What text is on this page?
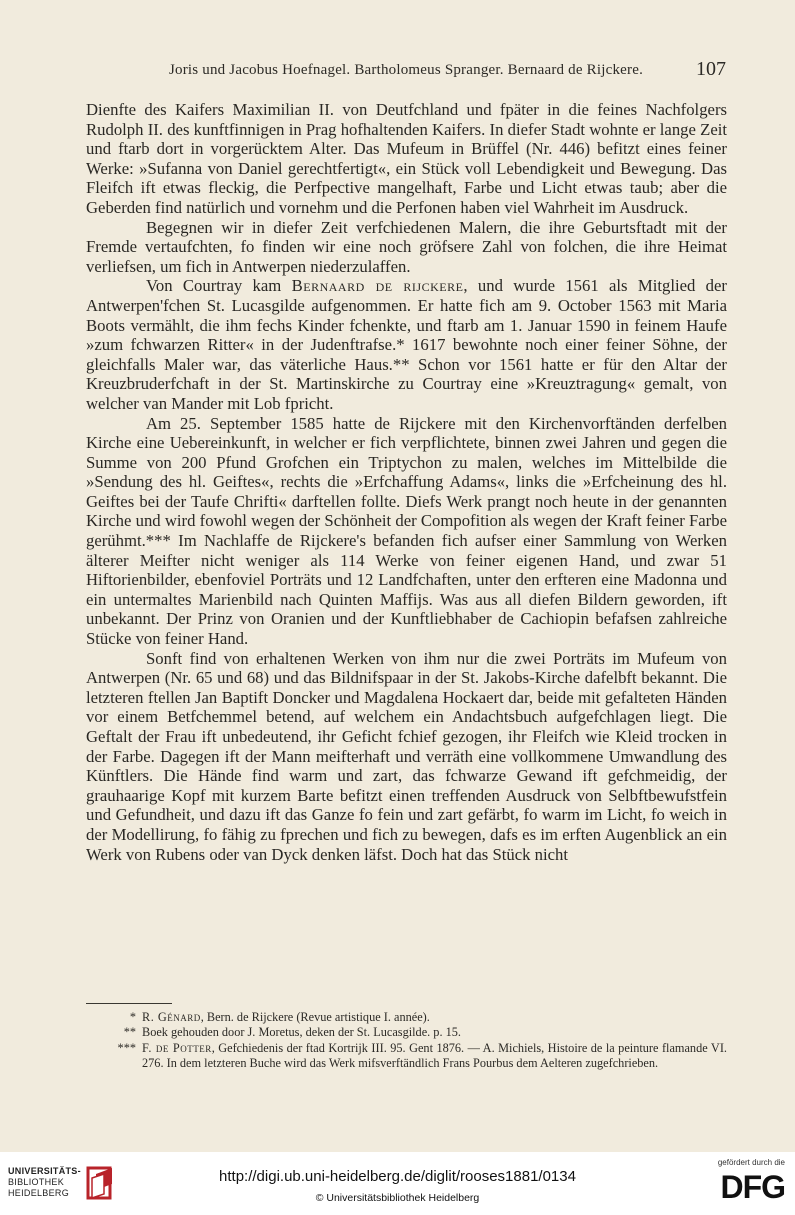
Joris und Jacobus Hoefnagel. Bartholomeus Spranger. Bernaard de Rijckere.	107

Dienfte des Kaifers Maximilian II. von Deutfchland und fpäter in die feines Nachfolgers Rudolph II. des kunftfinnigen in Prag hofhaltenden Kaifers. In diefer Stadt wohnte er lange Zeit und ftarb dort in vorgerücktem Alter. Das Mufeum in Brüffel (Nr. 446) befitzt eines feiner Werke: »Sufanna von Daniel gerechtfertigt«, ein Stück voll Lebendigkeit und Bewegung. Das Fleifch ift etwas fleckig, die Perfpective mangelhaft, Farbe und Licht etwas taub; aber die Geberden find natürlich und vornehm und die Perfonen haben viel Wahrheit im Ausdruck.

Begegnen wir in diefer Zeit verfchiedenen Malern, die ihre Geburtsftadt mit der Fremde vertaufchten, fo finden wir eine noch gröfsere Zahl von folchen, die ihre Heimat verliefsen, um fich in Antwerpen niederzulaffen.

Von Courtray kam Bernaard de rijckere, und wurde 1561 als Mitglied der Antwerpen'fchen St. Lucasgilde aufgenommen. Er hatte fich am 9. October 1563 mit Maria Boots vermählt, die ihm fechs Kinder fchenkte, und ftarb am 1. Januar 1590 in feinem Haufe »zum fchwarzen Ritter« in der Judenftrafse.* 1617 bewohnte noch einer feiner Söhne, der gleichfalls Maler war, das väterliche Haus.** Schon vor 1561 hatte er für den Altar der Kreuzbruderfchaft in der St. Martinskirche zu Courtray eine »Kreuztragung« gemalt, von welcher van Mander mit Lob fpricht.

Am 25. September 1585 hatte de Rijckere mit den Kirchenvorftänden derfelben Kirche eine Uebereinkunft, in welcher er fich verpflichtete, binnen zwei Jahren und gegen die Summe von 200 Pfund Grofchen ein Triptychon zu malen, welches im Mittelbilde die »Sendung des hl. Geiftes«, rechts die »Erfchaffung Adams«, links die »Erfcheinung des hl. Geiftes bei der Taufe Chrifti« darftellen follte. Diefs Werk prangt noch heute in der genannten Kirche und wird fowohl wegen der Schönheit der Compofition als wegen der Kraft feiner Farbe gerühmt.*** Im Nachlaffe de Rijckere's befanden fich aufser einer Sammlung von Werken älterer Meifter nicht weniger als 114 Werke von feiner eigenen Hand, und zwar 51 Hiftorienbilder, ebenfoviel Porträts und 12 Landfchaften, unter den erfteren eine Madonna und ein untermaltes Marienbild nach Quinten Maffijs. Was aus all diefen Bildern geworden, ift unbekannt. Der Prinz von Oranien und der Kunftliebhaber de Cachiopin befafsen zahlreiche Stücke von feiner Hand.

Sonft find von erhaltenen Werken von ihm nur die zwei Porträts im Mufeum von Antwerpen (Nr. 65 und 68) und das Bildnifspaar in der St. Jakobs-Kirche dafelbft bekannt. Die letzteren ftellen Jan Baptift Doncker und Magdalena Hockaert dar, beide mit gefalteten Händen vor einem Betfchemmel betend, auf welchem ein Andachtsbuch aufgefchlagen liegt. Die Geftalt der Frau ift unbedeutend, ihr Geficht fchief gezogen, ihr Fleifch wie Kleid trocken in der Farbe. Dagegen ift der Mann meifterhaft und verräth eine vollkommene Umwandlung des Künftlers. Die Hände find warm und zart, das fchwarze Gewand ift gefchmeidig, der grauhaarige Kopf mit kurzem Barte befitzt einen treffenden Ausdruck von Selbftbewufstfein und Gefundheit, und dazu ift das Ganze fo fein und zart gefärbt, fo warm im Licht, fo weich in der Modellirung, fo fähig zu fprechen und fich zu bewegen, dafs es im erften Augenblick an ein Werk von Rubens oder van Dyck denken läfst. Doch hat das Stück nicht

* R. Génard, Bern. de Rijckere (Revue artistique I. année).
** Boek gehouden door J. Moretus, deken der St. Lucasgilde. p. 15.
*** F. de Potter, Gefchiedenis der ftad Kortrijk III. 95. Gent 1876. — A. Michiels, Histoire de la peinture flamande VI. 276. In dem letzteren Buche wird das Werk mifsverftändlich Frans Pourbus dem Aelteren zugefchrieben.
UNIVERSITÄTS-
BIBLIOTHEK
HEIDELBERG
http://digi.ub.uni-heidelberg.de/diglit/rooses1881/0134
© Universitätsbibliothek Heidelberg
gefördert durch die
DFG
